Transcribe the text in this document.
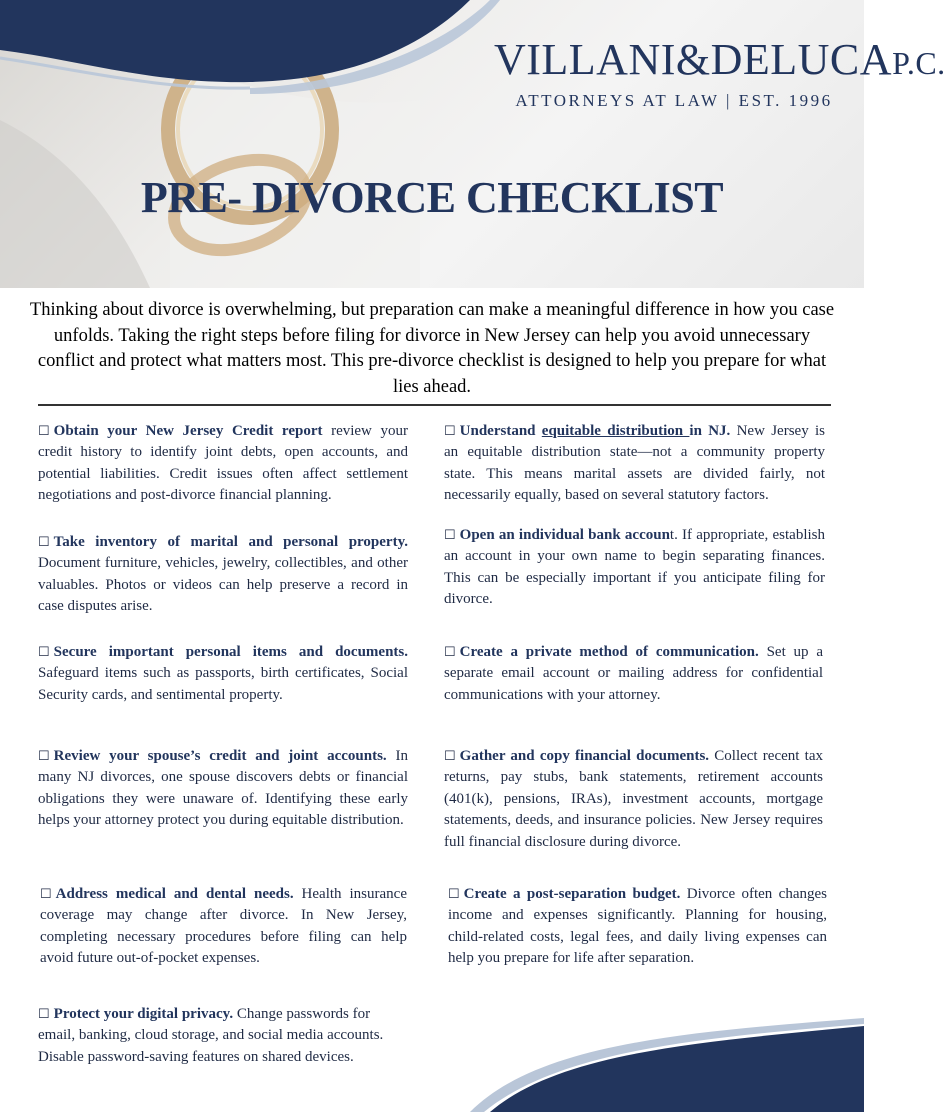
VILLANI&DELUCAP.C.
ATTORNEYS AT LAW | EST. 1996
PRE- DIVORCE CHECKLIST
Thinking about divorce is overwhelming, but preparation can make a meaningful difference in how you case unfolds. Taking the right steps before filing for divorce in New Jersey can help you avoid unnecessary conflict and protect what matters most. This pre-divorce checklist is designed to help you prepare for what lies ahead.
☐ Obtain your New Jersey Credit report review your credit history to identify joint debts, open accounts, and potential liabilities. Credit issues often affect settlement negotiations and post-divorce financial planning.
☐ Take inventory of marital and personal property. Document furniture, vehicles, jewelry, collectibles, and other valuables. Photos or videos can help preserve a record in case disputes arise.
☐ Secure important personal items and documents. Safeguard items such as passports, birth certificates, Social Security cards, and sentimental property.
☐ Review your spouse’s credit and joint accounts. In many NJ divorces, one spouse discovers debts or financial obligations they were unaware of. Identifying these early helps your attorney protect you during equitable distribution.
☐ Address medical and dental needs. Health insurance coverage may change after divorce. In New Jersey, completing necessary procedures before filing can help avoid future out-of-pocket expenses.
☐ Protect your digital privacy. Change passwords for email, banking, cloud storage, and social media accounts. Disable password-saving features on shared devices.
☐ Understand equitable distribution in NJ. New Jersey is an equitable distribution state—not a community property state. This means marital assets are divided fairly, not necessarily equally, based on several statutory factors.
☐ Open an individual bank account. If appropriate, establish an account in your own name to begin separating finances. This can be especially important if you anticipate filing for divorce.
☐ Create a private method of communication. Set up a separate email account or mailing address for confidential communications with your attorney.
☐ Gather and copy financial documents. Collect recent tax returns, pay stubs, bank statements, retirement accounts (401(k), pensions, IRAs), investment accounts, mortgage statements, deeds, and insurance policies. New Jersey requires full financial disclosure during divorce.
☐ Create a post-separation budget. Divorce often changes income and expenses significantly. Planning for housing, child-related costs, legal fees, and daily living expenses can help you prepare for life after separation.
